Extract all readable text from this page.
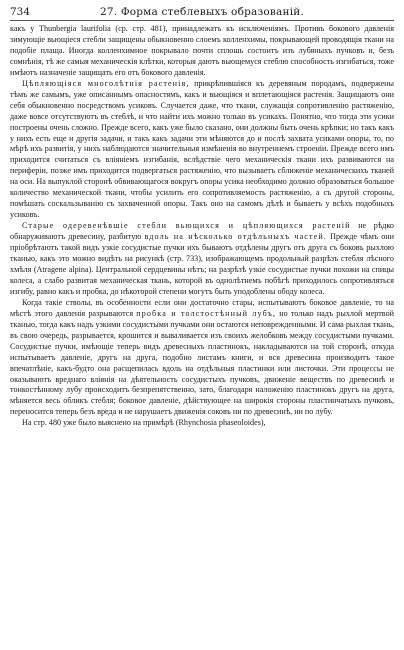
734	27. Форма стеблевыхъ образованій.

какъ у Thunbergia laurifolia (ср. стр. 481), принадлежатъ къ исключеніямъ. Противъ бокового давленія зимующіе вьющіеся стебли защищены обыкновенно слоемъ колленхимы, покрывающей проводящія ткани на подобіе плаща. Иногда колленхимное покрывало почти сплошь состоитъ изъ лубяныхъ пучковъ и, безъ сомнѣнія, тѣ же самыя механическія клѣтки, которыя даютъ вьющемуся стеблю способность изгибаться, тоже имѣютъ назначеніе защищать его отъ бокового давленія.

Цѣпляющіяся многолѣтнія растенія, прикрѣпившіяся къ деревяным породамъ, подвержены тѣмъ же самымъ, уже описаннымъ опасностямъ, какъ и вьющіяся и вплетающіяся растенія. Защищаютъ они себя обыкновенно посредствомъ усиковъ. Случается даже, что ткани, служащія сопротивленію растяженію, даже вовсе отсутствуютъ въ стеблѣ, и что найти ихъ можно только въ усикахъ. Понятно, что тогда эти усики построены очень сложно. Прежде всего, какъ уже было сказано, они должны быть очень крѣпки; но такъ какъ у нихъ есть еще и другія задачи, и такъ какъ задачи эти мѣняются до и послѣ захвата усиками опоры, то, по мѣрѣ ихъ развитія, у нихъ наблюдаются значительныя измѣненія во внутреннемъ строеніи. Прежде всего имъ приходится считаться съ вліяніемъ изгибанія, вслѣдствіе чего механическія ткани ихъ развиваются на периферіи, позже имъ приходится подвергаться растяженію, что вызываетъ сближеніе механическихъ тканей на оси. На выпуклой сторонѣ обвивающагося вокругъ опоры усика необходимо должно образоваться большое количество механической ткани, чтобы усилить его сопротивляемость растяженію, а съ другой стороны, помѣшать соскальзыванію съ захваченной опоры. Такъ оно на самомъ дѣлѣ и бываетъ у всѣхъ подобныхъ усиковъ.

Старые одеревенѣвшіе стебли вьющихся и цѣпляющихся растеній не рѣдко обнаруживаютъ древесину, разбитую вдоль на нѣсколько отдѣльныхъ частей. Прежде чѣмъ они пріобрѣтаютъ такой видъ узкіе сосудистые пучки ихъ бываютъ отдѣлены другъ отъ друга съ боковъ рыхлою тканью, какъ это можно видѣть на рисункѣ (стр. 733), изображающемъ продольный разрѣзъ стебля лѣсного хмѣля (Atragene alpina). Центральной сердцевины нѣтъ; на разрѣзѣ узкіе сосудистые пучки похожи на спицы колеса, а слабо развитая механическая ткань, которой въ однолѣтнемъ побѣгѣ приходилось сопротивляться изгибу, равно какъ и пробка, до нѣкоторой степени могутъ быть уподоблены ободу колеса.

Когда такіе стволы, въ особенности если они достаточно стары, испытываютъ боковое давленіе, то на мѣстѣ этого давленія разрываются пробка и толстостѣнный лубъ, но только надъ рыхлой мертвой тканью, тогда какъ надъ узкими сосудистыми пучками они остаются неповрежденными. И сама рыхлая ткань, въ свою очередь, разрывается, крошится и вываливается изъ своихъ желобковъ между сосудистыми пучками. Сосудистые пучки, имѣющіе теперь видъ древесныхъ пластинокъ, накладываются на той сторонѣ, откуда испытываетъ давленіе, другъ на друга, подобно листамъ книги, и вся древесина производитъ такое впечатлѣніе, какъ-будто она расщепилась вдоль на отдѣльныя пластинки или листочки. Эти процессы не оказываютъ вреднаго вліянія на дѣятельность сосудистыхъ пучковъ, движеніе веществъ по древесинѣ и тонкостѣнному лубу происходитъ безпрепятственно, зато, благодаря наложенію пластинокъ другъ на друга, мѣняется весь обликъ стебля; боковое давленіе, дѣйствующее на широкія стороны пластинчатыхъ пучковъ, переносится теперь безъ вреда и не нарушаетъ движенія соковъ ни по древесинѣ, ни по лубу.

На стр. 480 уже было выяснено на примѣрѣ (Rhynchosia phaseoloides),
